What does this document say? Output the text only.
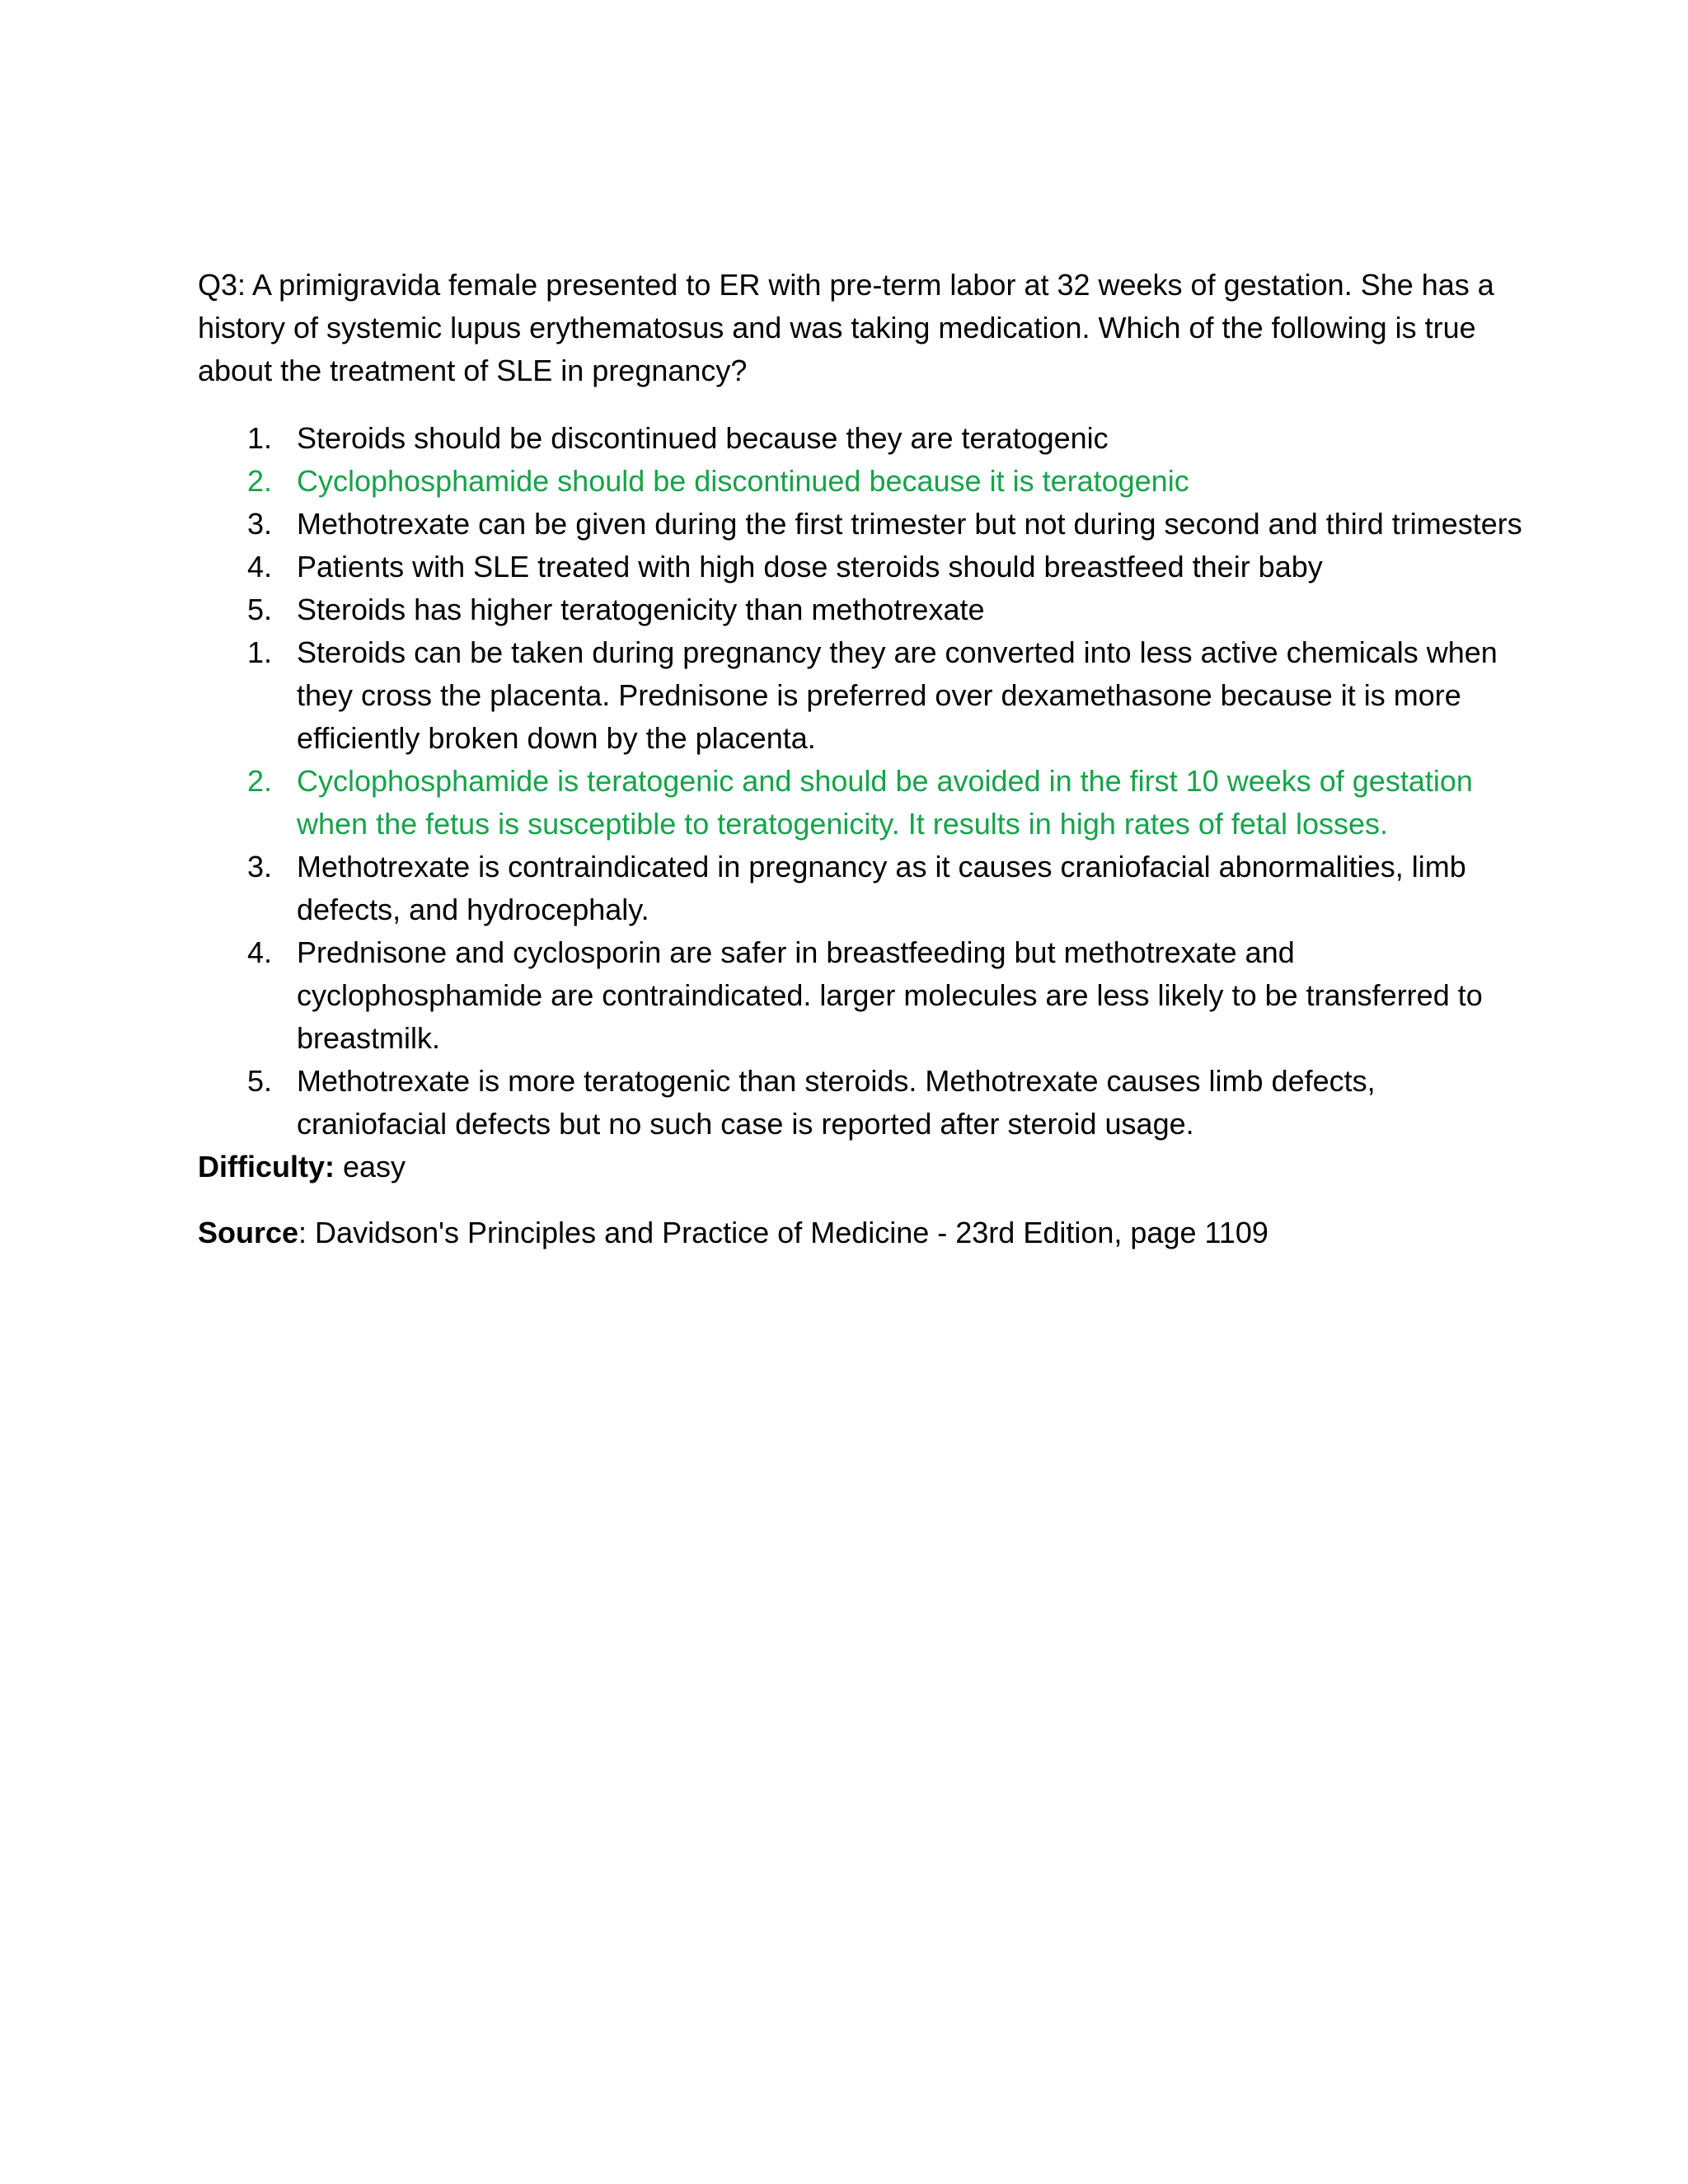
Q3: A primigravida female presented to ER with pre-term labor at 32 weeks of gestation. She has a history of systemic lupus erythematosus and was taking medication. Which of the following is true about the treatment of SLE in pregnancy?

1. Steroids should be discontinued because they are teratogenic
2. Cyclophosphamide should be discontinued because it is teratogenic
3. Methotrexate can be given during the first trimester but not during second and third trimesters
4. Patients with SLE treated with high dose steroids should breastfeed their baby
5. Steroids has higher teratogenicity than methotrexate
1. Steroids can be taken during pregnancy they are converted into less active chemicals when they cross the placenta. Prednisone is preferred over dexamethasone because it is more efficiently broken down by the placenta.
2. Cyclophosphamide is teratogenic and should be avoided in the first 10 weeks of gestation when the fetus is susceptible to teratogenicity. It results in high rates of fetal losses.
3. Methotrexate is contraindicated in pregnancy as it causes craniofacial abnormalities, limb defects, and hydrocephaly.
4. Prednisone and cyclosporin are safer in breastfeeding but methotrexate and cyclophosphamide are contraindicated. larger molecules are less likely to be transferred to breastmilk.
5. Methotrexate is more teratogenic than steroids. Methotrexate causes limb defects, craniofacial defects but no such case is reported after steroid usage.

Difficulty: easy

Source: Davidson's Principles and Practice of Medicine - 23rd Edition, page 1109
